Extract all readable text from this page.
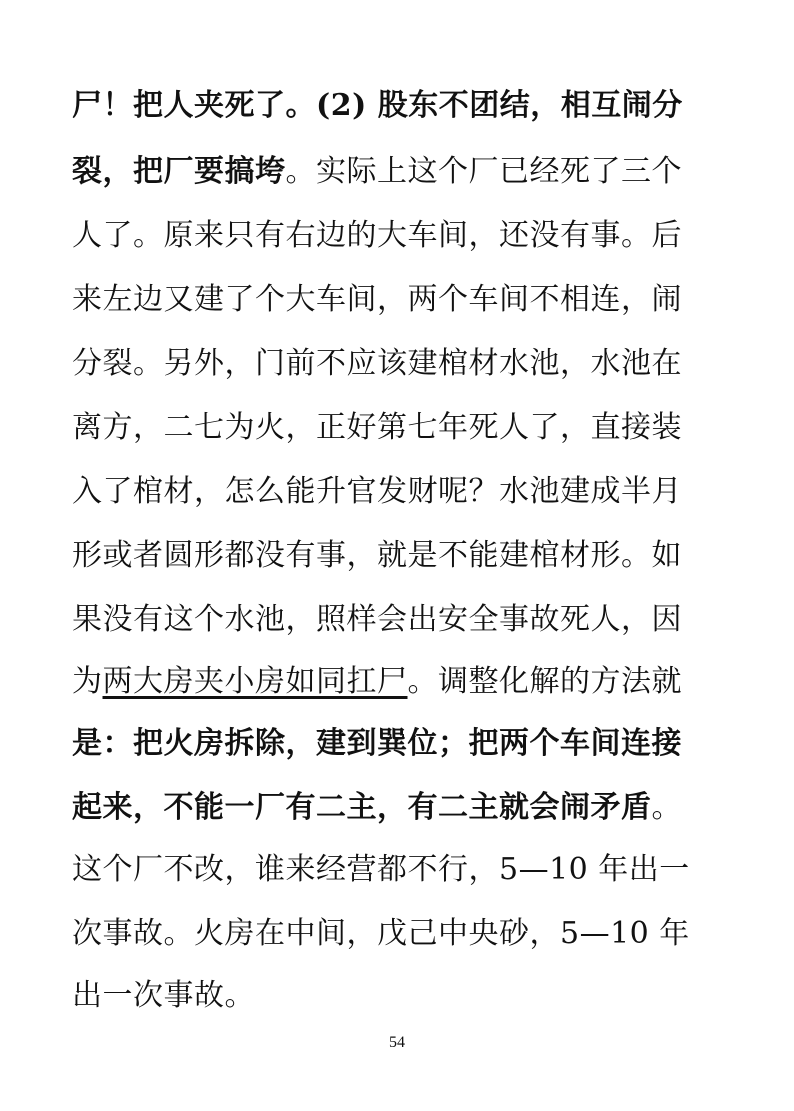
尸！把人夹死了。(2) 股东不团结，相互闹分
裂，把厂要搞垮。实际上这个厂已经死了三个
人了。原来只有右边的大车间，还没有事。后
来左边又建了个大车间，两个车间不相连，闹
分裂。另外，门前不应该建棺材水池，水池在
离方，二七为火，正好第七年死人了，直接装
入了棺材，怎么能升官发财呢？水池建成半月
形或者圆形都没有事，就是不能建棺材形。如
果没有这个水池，照样会出安全事故死人，因
为两大房夹小房如同扛尸。调整化解的方法就
是：把火房拆除，建到巽位；把两个车间连接
起来，不能一厂有二主，有二主就会闹矛盾。
这个厂不改，谁来经营都不行，5—10 年出一
次事故。火房在中间，戊己中央砂，5—10 年
出一次事故。
54
